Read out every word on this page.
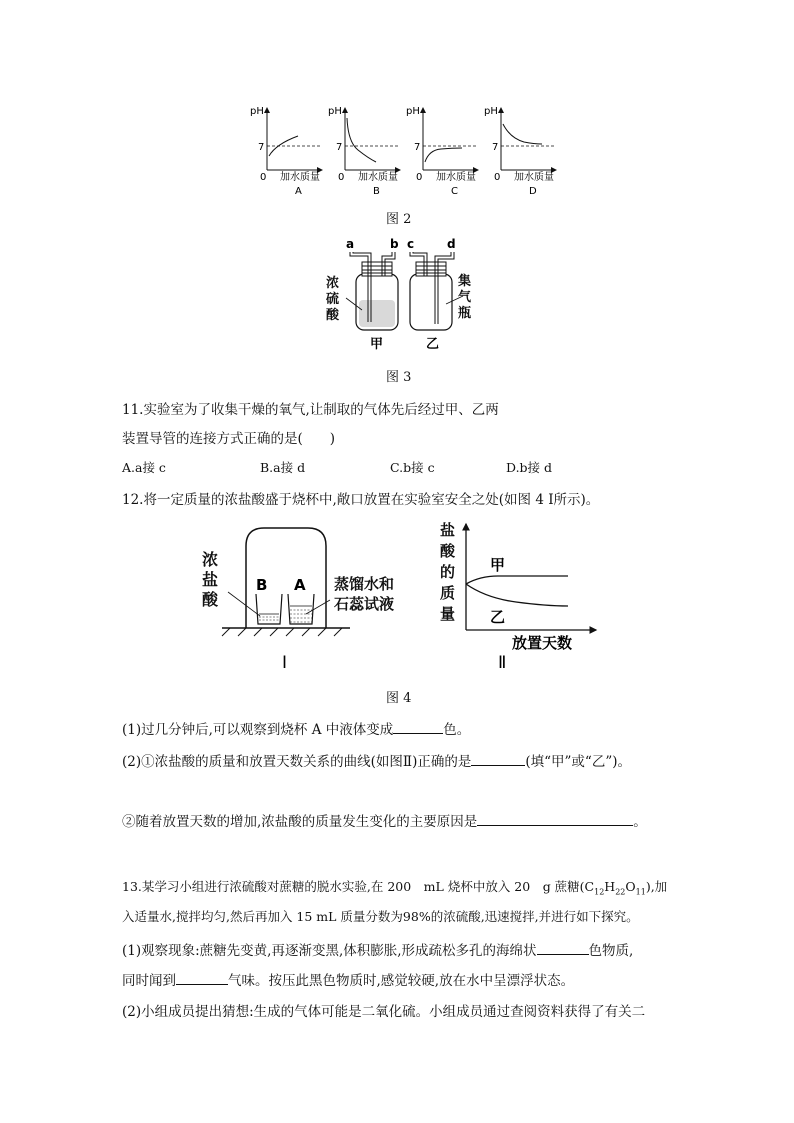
pH
7
0 加水质量
A
pH
7
0 加水质量
B
pH
7
0 加水质量
C
pH
7
0 加水质量
D
图 2
a	b c	d
甲	乙
浓
硫
酸
集
气
瓶
图 3
11.实验室为了收集干燥的氧气,让制取的气体先后经过甲、乙两
装置导管的连接方式正确的是(　　)
A.a接 c	B.a接 d	C.b接 c	D.b接 d
12.将一定质量的浓盐酸盛于烧杯中,敞口放置在实验室安全之处(如图 4 Ⅰ所示)。
B A
Ⅰ
浓
盐
酸
蒸馏水和
石蕊试液
甲
乙
放置天数
Ⅱ
盐
酸
的
质
量
图 4
(1)过几分钟后,可以观察到烧杯 A 中液体变成	色。
(2)①浓盐酸的质量和放置天数关系的曲线(如图Ⅱ)正确的是	(填“甲”或“乙”)。
②随着放置天数的增加,浓盐酸的质量发生变化的主要原因是	。
13.某学习小组进行浓硫酸对蔗糖的脱水实验,在 200　mL 烧杯中放入 20　g 蔗糖$(C_{12}H_{22}O_{11})$,加
入适量水,搅拌均匀,然后再加入 15 mL 质量分数为98%的浓硫酸,迅速搅拌,并进行如下探究。
(1)观察现象:蔗糖先变黄,再逐渐变黑,体积膨胀,形成疏松多孔的海绵状	色物质,
同时闻到	气味。按压此黑色物质时,感觉较硬,放在水中呈漂浮状态。
(2)小组成员提出猜想:生成的气体可能是二氧化硫。小组成员通过查阅资料获得了有关二
